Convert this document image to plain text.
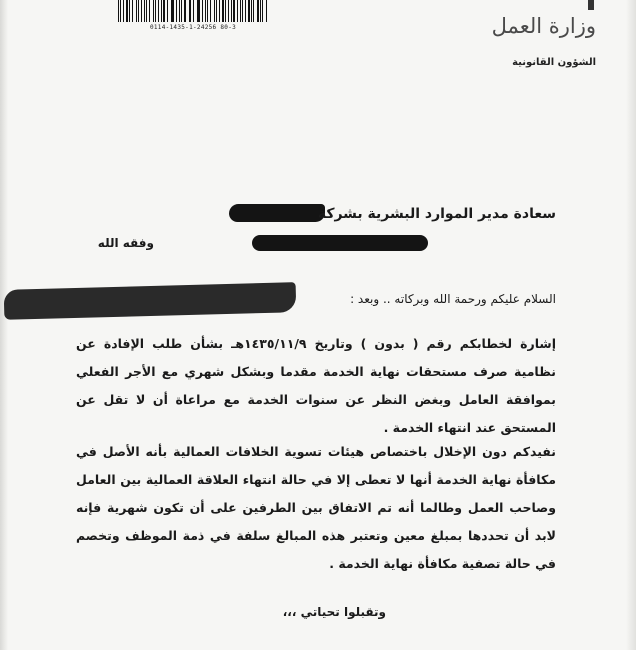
0114-1435-1-24256 80-3	وزارة العمل
الشؤون القانونية
سعادة مدير الموارد البشرية بشركة
وفقه الله
السلام عليكم ورحمة الله وبركاته .. وبعد :
إشارة لخطابكم رقم ( بدون ) وتاريخ ١٤٣٥/١١/٩هـ بشأن طلب الإفادة عن نظامية صرف مستحقات نهاية الخدمة مقدما وبشكل شهري مع الأجر الفعلي بموافقة العامل وبغض النظر عن سنوات الخدمة مع مراعاة أن لا تقل عن المستحق عند انتهاء الخدمة .
نفيدكم دون الإخلال باختصاص هيئات تسوية الخلافات العمالية بأنه الأصل في مكافأة نهاية الخدمة أنها لا تعطى إلا في حالة انتهاء العلاقة العمالية بين العامل وصاحب العمل وطالما أنه تم الاتفاق بين الطرفين على أن تكون شهرية فإنه لابد أن تحددها بمبلغ معين وتعتبر هذه المبالغ سلفة في ذمة الموظف وتخصم في حالة تصفية مكافأة نهاية الخدمة .
وتقبلوا تحياتي ،،،
